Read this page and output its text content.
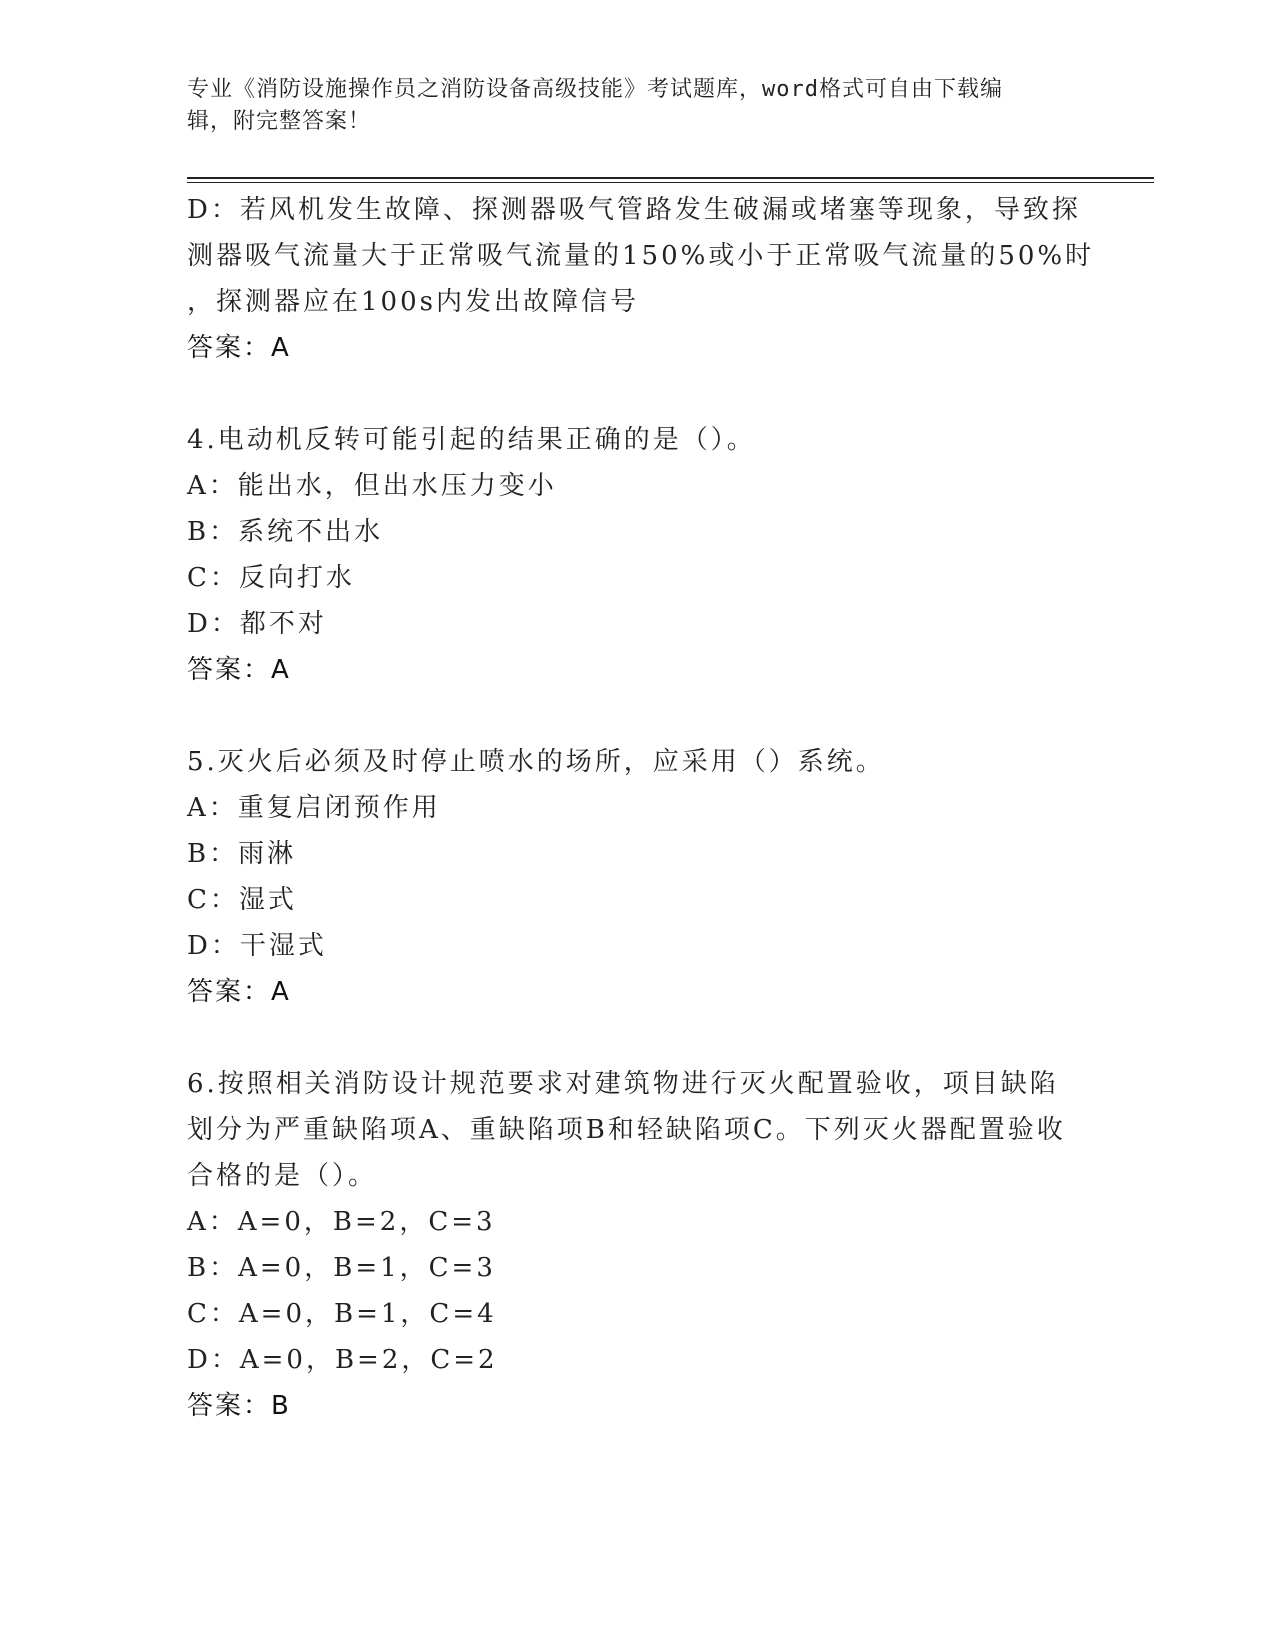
专业《消防设施操作员之消防设备高级技能》考试题库，word格式可自由下载编
辑，附完整答案！
D：若风机发生故障、探测器吸气管路发生破漏或堵塞等现象，导致探
测器吸气流量大于正常吸气流量的150%或小于正常吸气流量的50%时
，探测器应在100s内发出故障信号
答案：A
4.电动机反转可能引起的结果正确的是（）。
A：能出水，但出水压力变小
B：系统不出水
C：反向打水
D：都不对
答案：A
5.灭火后必须及时停止喷水的场所，应采用（）系统。
A：重复启闭预作用
B：雨淋
C：湿式
D：干湿式
答案：A
6.按照相关消防设计规范要求对建筑物进行灭火配置验收，项目缺陷
划分为严重缺陷项A、重缺陷项B和轻缺陷项C。下列灭火器配置验收
合格的是（）。
A：A=0，B=2，C=3
B：A=0，B=1，C=3
C：A=0，B=1，C=4
D：A=0，B=2，C=2
答案：B
